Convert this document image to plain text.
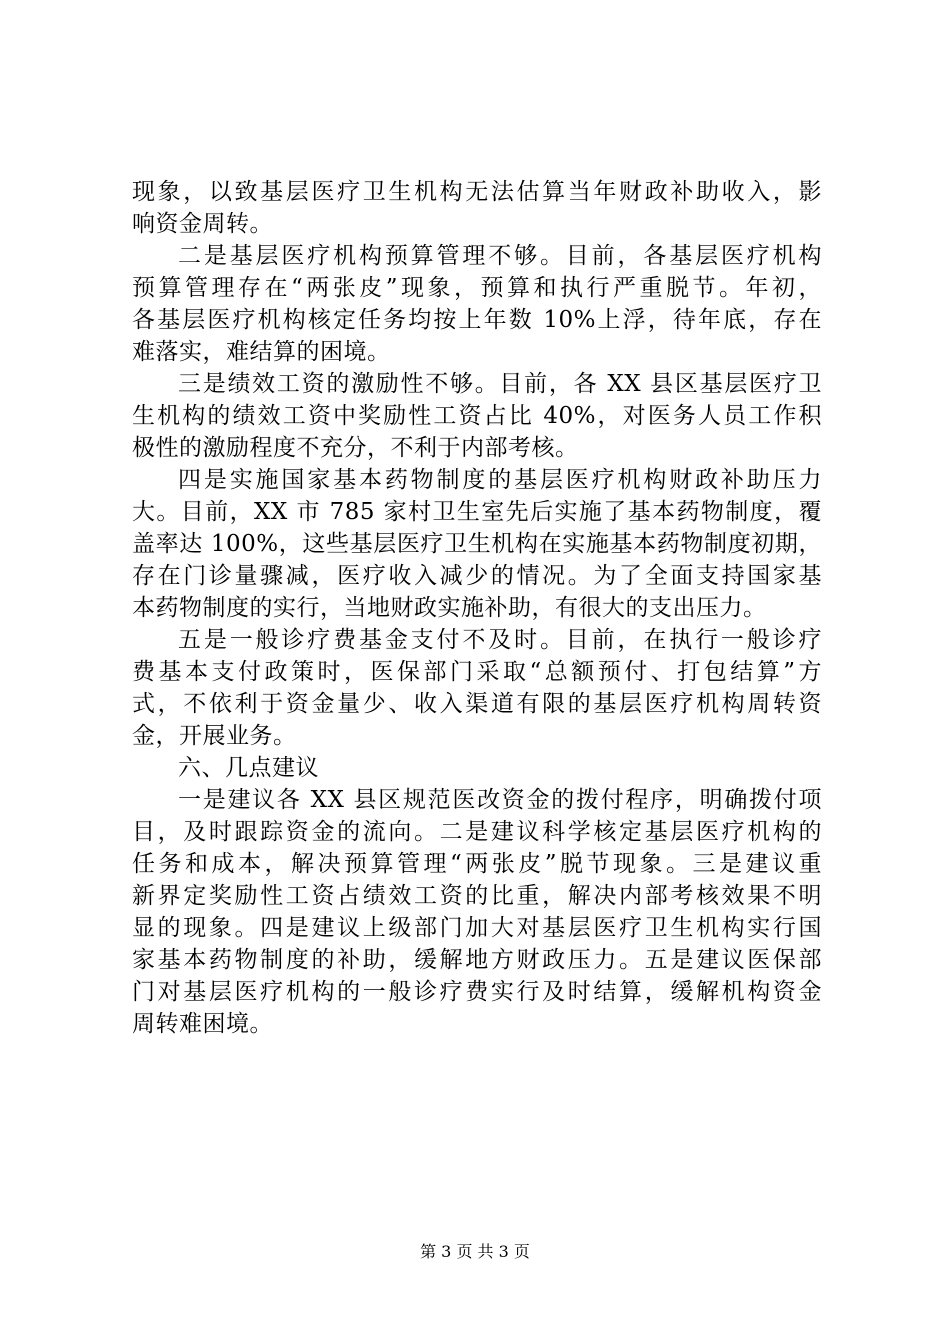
现象，以致基层医疗卫生机构无法估算当年财政补助收入，影
响资金周转。
二是基层医疗机构预算管理不够。目前，各基层医疗机构
预算管理存在“两张皮”现象，预算和执行严重脱节。年初，
各基层医疗机构核定任务均按上年数 10%上浮，待年底，存在
难落实，难结算的困境。
三是绩效工资的激励性不够。目前，各 XX 县区基层医疗卫
生机构的绩效工资中奖励性工资占比 40%，对医务人员工作积
极性的激励程度不充分，不利于内部考核。
四是实施国家基本药物制度的基层医疗机构财政补助压力
大。目前，XX 市 785 家村卫生室先后实施了基本药物制度，覆
盖率达 100%，这些基层医疗卫生机构在实施基本药物制度初期，
存在门诊量骤减，医疗收入减少的情况。为了全面支持国家基
本药物制度的实行，当地财政实施补助，有很大的支出压力。
五是一般诊疗费基金支付不及时。目前，在执行一般诊疗
费基本支付政策时，医保部门采取“总额预付、打包结算”方
式，不依利于资金量少、收入渠道有限的基层医疗机构周转资
金，开展业务。
六、几点建议
一是建议各 XX 县区规范医改资金的拨付程序，明确拨付项
目，及时跟踪资金的流向。二是建议科学核定基层医疗机构的
任务和成本，解决预算管理“两张皮”脱节现象。三是建议重
新界定奖励性工资占绩效工资的比重，解决内部考核效果不明
显的现象。四是建议上级部门加大对基层医疗卫生机构实行国
家基本药物制度的补助，缓解地方财政压力。五是建议医保部
门对基层医疗机构的一般诊疗费实行及时结算，缓解机构资金
周转难困境。
第 3 页 共 3 页
